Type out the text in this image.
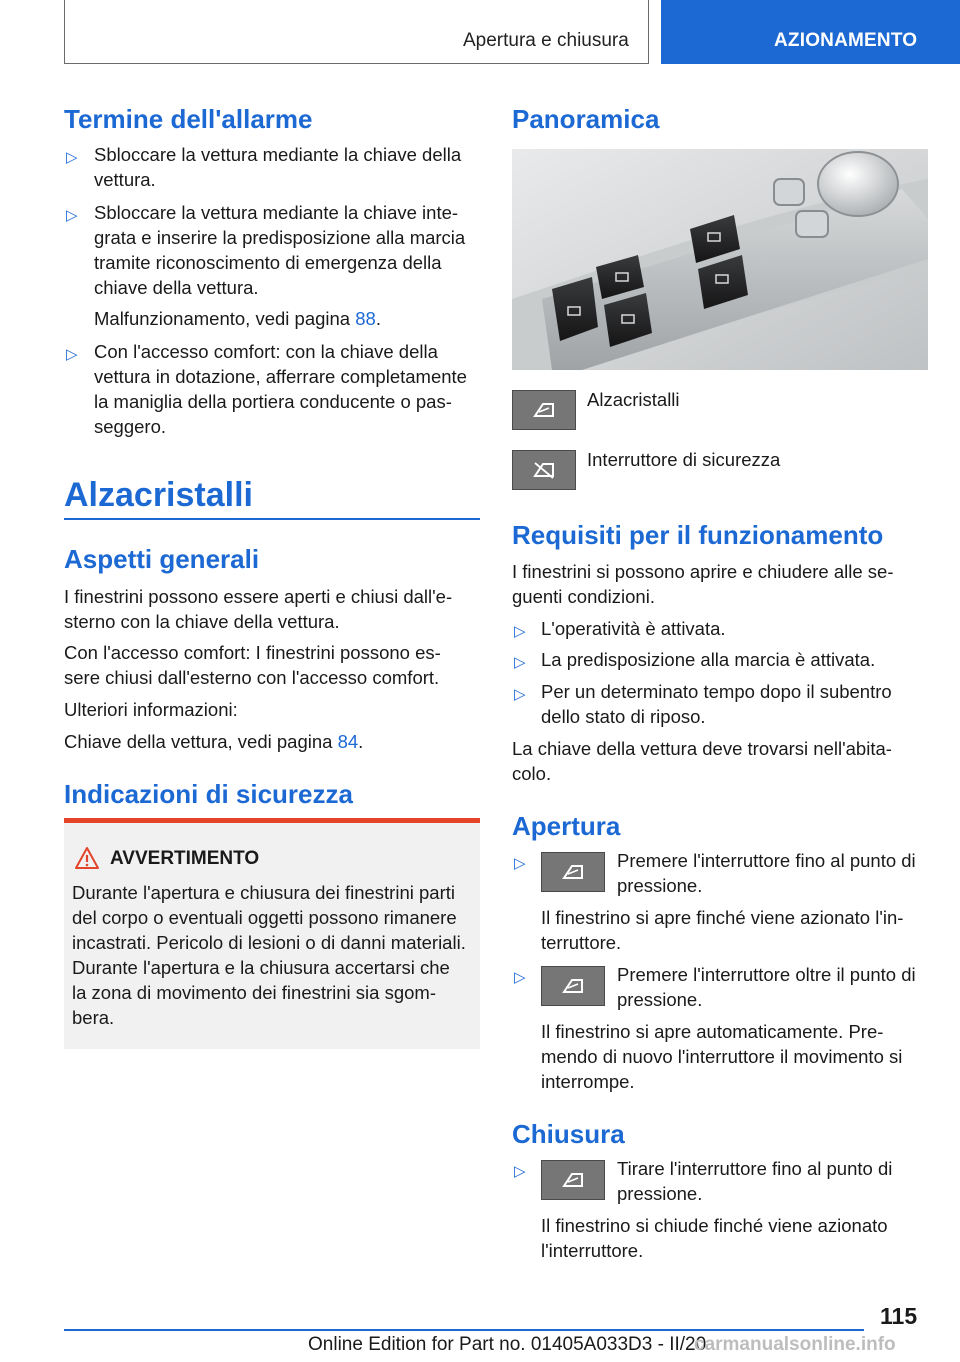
Apertura e chiusura	AZIONAMENTO
Termine dell'allarme
▷ Sbloccare la vettura mediante la chiave della
vettura.
▷ Sbloccare la vettura mediante la chiave inte-
grata e inserire la predisposizione alla marcia
tramite riconoscimento di emergenza della
chiave della vettura.
Malfunzionamento, vedi pagina 88.
▷ Con l'accesso comfort: con la chiave della
vettura in dotazione, afferrare completamente
la maniglia della portiera conducente o pas-
seggero.
Alzacristalli
Aspetti generali
I finestrini possono essere aperti e chiusi dall'e-
sterno con la chiave della vettura.
Con l'accesso comfort: I finestrini possono es-
sere chiusi dall'esterno con l'accesso comfort.
Ulteriori informazioni:
Chiave della vettura, vedi pagina 84.
Indicazioni di sicurezza
AVVERTIMENTO
Durante l'apertura e chiusura dei finestrini parti
del corpo o eventuali oggetti possono rimanere
incastrati. Pericolo di lesioni o di danni materiali.
Durante l'apertura e la chiusura accertarsi che
la zona di movimento dei finestrini sia sgom-
bera.
Panoramica
Alzacristalli
Interruttore di sicurezza
Requisiti per il funzionamento
I finestrini si possono aprire e chiudere alle se-
guenti condizioni.
▷ L'operatività è attivata.
▷ La predisposizione alla marcia è attivata.
▷ Per un determinato tempo dopo il subentro
dello stato di riposo.
La chiave della vettura deve trovarsi nell'abita-
colo.
Apertura
▷	Premere l'interruttore fino al punto di
pressione.
Il finestrino si apre finché viene azionato l'in-
terruttore.
▷	Premere l'interruttore oltre il punto di
pressione.
Il finestrino si apre automaticamente. Pre-
mendo di nuovo l'interruttore il movimento si
interrompe.
Chiusura
▷	Tirare l'interruttore fino al punto di
pressione.
Il finestrino si chiude finché viene azionato
l'interruttore.
115
Online Edition for Part no. 01405A033D3 - II/20
carmanualsonline.info
